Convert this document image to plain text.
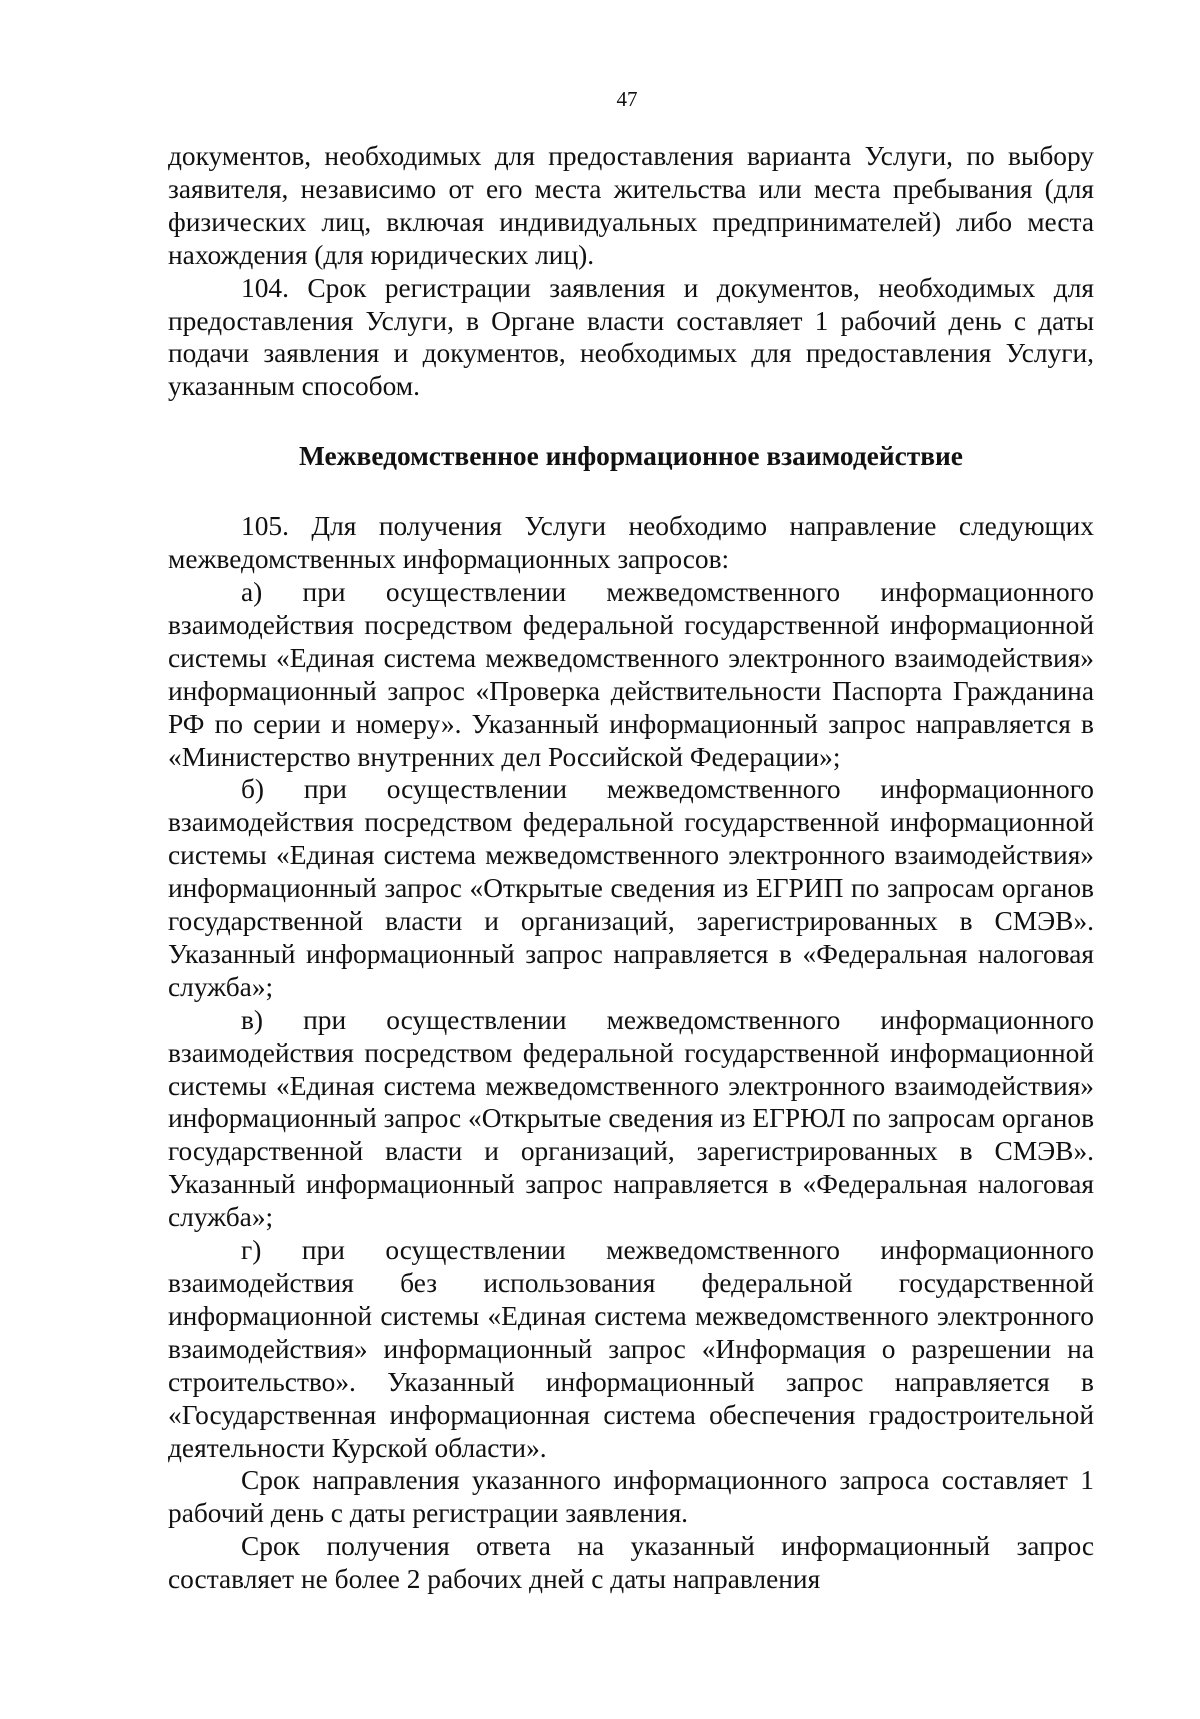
47

документов, необходимых для предоставления варианта Услуги, по выбору заявителя, независимо от его места жительства или места пребывания (для физических лиц, включая индивидуальных предпринимателей) либо места нахождения (для юридических лиц).

104. Срок регистрации заявления и документов, необходимых для предоставления Услуги, в Органе власти составляет 1 рабочий день с даты подачи заявления и документов, необходимых для предоставления Услуги, указанным способом.

Межведомственное информационное взаимодействие

105. Для получения Услуги необходимо направление следующих межведомственных информационных запросов:

а) при осуществлении межведомственного информационного взаимодействия посредством федеральной государственной информационной системы «Единая система межведомственного электронного взаимодействия» информационный запрос «Проверка действительности Паспорта Гражданина РФ по серии и номеру». Указанный информационный запрос направляется в «Министерство внутренних дел Российской Федерации»;

б) при осуществлении межведомственного информационного взаимодействия посредством федеральной государственной информационной системы «Единая система межведомственного электронного взаимодействия» информационный запрос «Открытые сведения из ЕГРИП по запросам органов государственной власти и организаций, зарегистрированных в СМЭВ». Указанный информационный запрос направляется в «Федеральная налоговая служба»;

в) при осуществлении межведомственного информационного взаимодействия посредством федеральной государственной информационной системы «Единая система межведомственного электронного взаимодействия» информационный запрос «Открытые сведения из ЕГРЮЛ по запросам органов государственной власти и организаций, зарегистрированных в СМЭВ». Указанный информационный запрос направляется в «Федеральная налоговая служба»;

г) при осуществлении межведомственного информационного взаимодействия без использования федеральной государственной информационной системы «Единая система межведомственного электронного взаимодействия» информационный запрос «Информация о разрешении на строительство». Указанный информационный запрос направляется в «Государственная информационная система обеспечения градостроительной деятельности Курской области».

Срок направления указанного информационного запроса составляет 1 рабочий день с даты регистрации заявления.

Срок получения ответа на указанный информационный запрос составляет не более 2 рабочих дней с даты направления
